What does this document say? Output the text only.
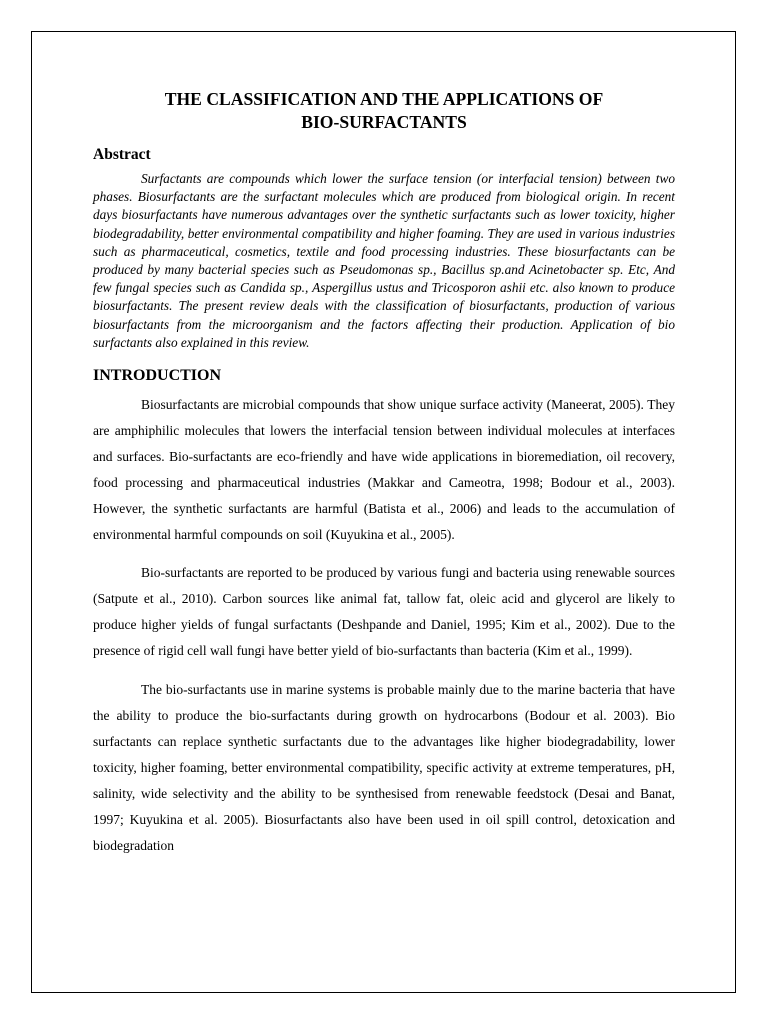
THE CLASSIFICATION AND THE APPLICATIONS OF
BIO-SURFACTANTS
Abstract

Surfactants are compounds which lower the surface tension (or interfacial tension) between two phases. Biosurfactants are the surfactant molecules which are produced from biological origin. In recent days biosurfactants have numerous advantages over the synthetic surfactants such as lower toxicity, higher biodegradability, better environmental compatibility and higher foaming. They are used in various industries such as pharmaceutical, cosmetics, textile and food processing industries. These biosurfactants can be produced by many bacterial species such as Pseudomonas sp., Bacillus sp.and Acinetobacter sp. Etc, And few fungal species such as Candida sp., Aspergillus ustus and Tricosporon ashii etc. also known to produce biosurfactants. The present review deals with the classification of biosurfactants, production of various biosurfactants from the microorganism and the factors affecting their production. Application of bio surfactants also explained in this review.

INTRODUCTION

Biosurfactants are microbial compounds that show unique surface activity (Maneerat, 2005). They are amphiphilic molecules that lowers the interfacial tension between individual molecules at interfaces and surfaces. Bio-surfactants are eco-friendly and have wide applications in bioremediation, oil recovery, food processing and pharmaceutical industries (Makkar and Cameotra, 1998; Bodour et al., 2003). However, the synthetic surfactants are harmful (Batista et al., 2006) and leads to the accumulation of environmental harmful compounds on soil (Kuyukina et al., 2005).

Bio-surfactants are reported to be produced by various fungi and bacteria using renewable sources (Satpute et al., 2010). Carbon sources like animal fat, tallow fat, oleic acid and glycerol are likely to produce higher yields of fungal surfactants (Deshpande and Daniel, 1995; Kim et al., 2002). Due to the presence of rigid cell wall fungi have better yield of bio-surfactants than bacteria (Kim et al., 1999).

The bio-surfactants use in marine systems is probable mainly due to the marine bacteria that have the ability to produce the bio-surfactants during growth on hydrocarbons (Bodour et al. 2003). Bio surfactants can replace synthetic surfactants due to the advantages like higher biodegradability, lower toxicity, higher foaming, better environmental compatibility, specific activity at extreme temperatures, pH, salinity, wide selectivity and the ability to be synthesised from renewable feedstock (Desai and Banat, 1997; Kuyukina et al. 2005). Biosurfactants also have been used in oil spill control, detoxication and biodegradation
